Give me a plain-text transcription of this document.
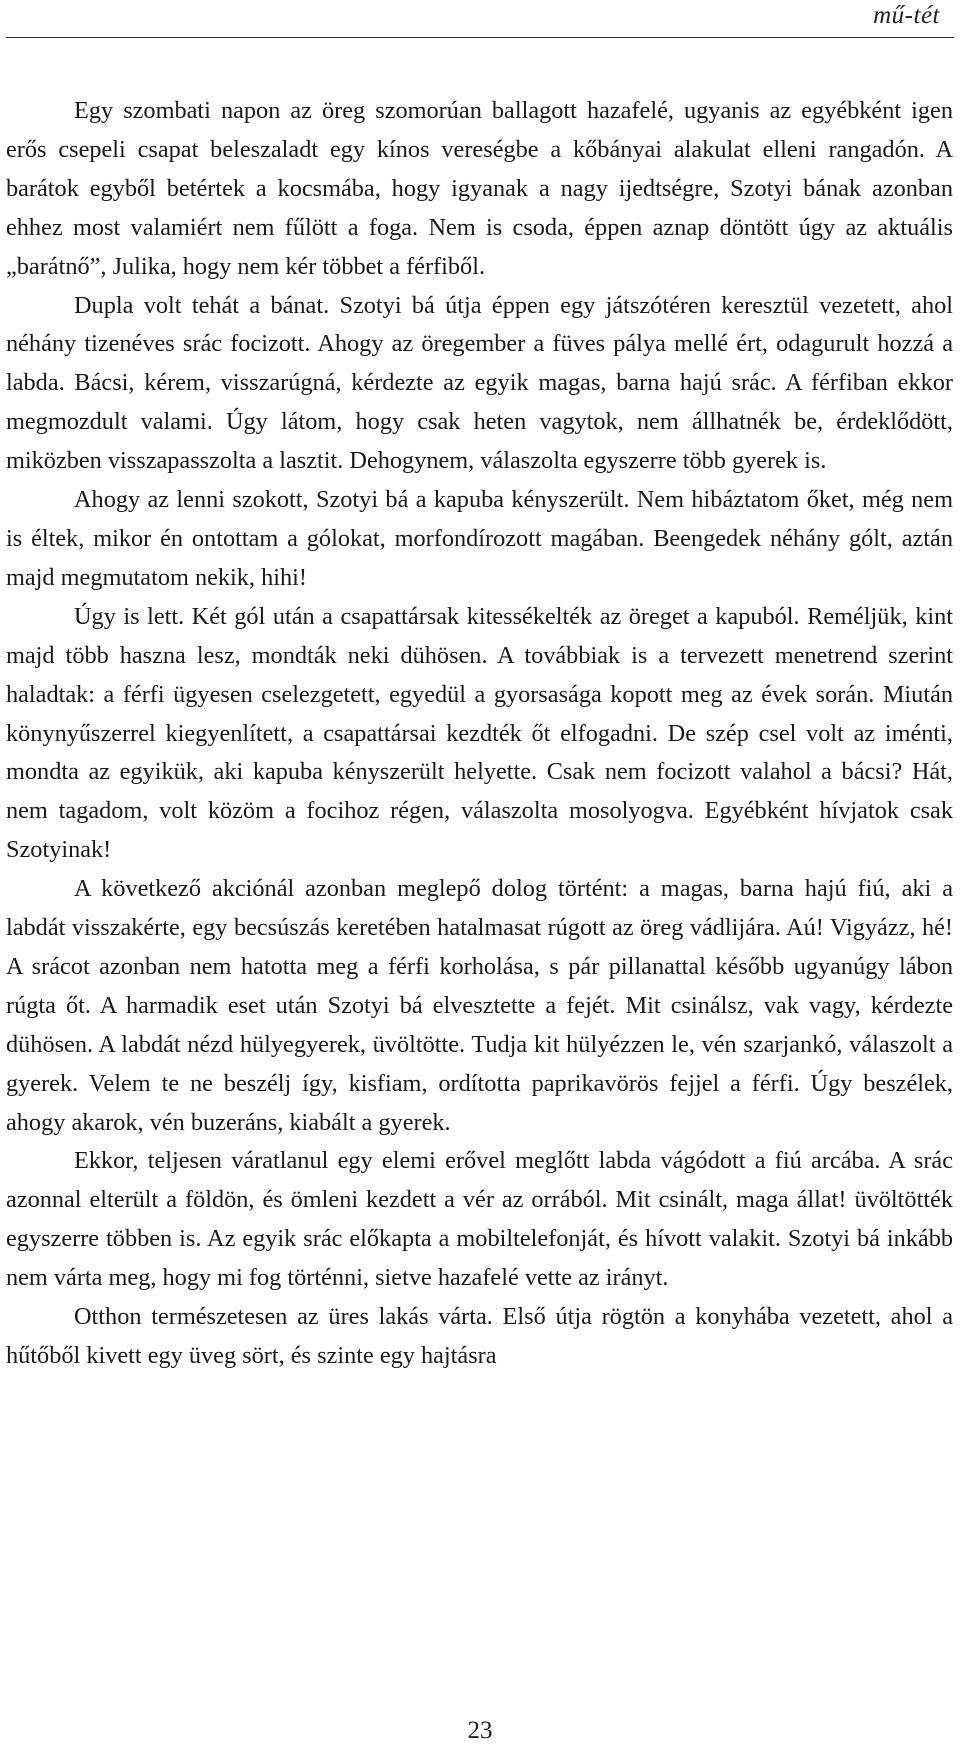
mű-tét

Egy szombati napon az öreg szomorúan ballagott hazafelé, ugyanis az egyébként igen erős csepeli csapat beleszaladt egy kínos vereségbe a kőbányai alakulat elleni rangadón. A barátok egyből betértek a kocsmába, hogy igyanak a nagy ijedtségre, Szotyi bának azonban ehhez most valamiért nem fűlött a foga. Nem is csoda, éppen aznap döntött úgy az aktuális „barátnő”, Julika, hogy nem kér többet a férfiből.

Dupla volt tehát a bánat. Szotyi bá útja éppen egy játszótéren keresztül vezetett, ahol néhány tizenéves srác focizott. Ahogy az öregember a füves pálya mellé ért, odagurult hozzá a labda. Bácsi, kérem, visszarúgná, kérdezte az egyik magas, barna hajú srác. A férfiban ekkor megmozdult valami. Úgy látom, hogy csak heten vagytok, nem állhatnék be, érdeklődött, miközben visszapasszolta a lasztit. Dehogynem, válaszolta egyszerre több gyerek is.

Ahogy az lenni szokott, Szotyi bá a kapuba kényszerült. Nem hibáztatom őket, még nem is éltek, mikor én ontottam a gólokat, morfondírozott magában. Beengedek néhány gólt, aztán majd megmutatom nekik, hihi!

Úgy is lett. Két gól után a csapattársak kitessékelték az öreget a kapuból. Reméljük, kint majd több haszna lesz, mondták neki dühösen. A továbbiak is a tervezett menetrend szerint haladtak: a férfi ügyesen cselezgetett, egyedül a gyorsasága kopott meg az évek során. Miután könynyűszerrel kiegyenlített, a csapattársai kezdték őt elfogadni. De szép csel volt az iménti, mondta az egyikük, aki kapuba kényszerült helyette. Csak nem focizott valahol a bácsi? Hát, nem tagadom, volt közöm a focihoz régen, válaszolta mosolyogva. Egyébként hívjatok csak Szotyinak!

A következő akciónál azonban meglepő dolog történt: a magas, barna hajú fiú, aki a labdát visszakérte, egy becsúszás keretében hatalmasat rúgott az öreg vádlijára. Aú! Vigyázz, hé! A srácot azonban nem hatotta meg a férfi korholása, s pár pillanattal később ugyanúgy lábon rúgta őt. A harmadik eset után Szotyi bá elvesztette a fejét. Mit csinálsz, vak vagy, kérdezte dühösen. A labdát nézd hülyegyerek, üvöltötte. Tudja kit hülyézzen le, vén szarjankó, válaszolt a gyerek. Velem te ne beszélj így, kisfiam, ordította paprikavörös fejjel a férfi. Úgy beszélek, ahogy akarok, vén buzeráns, kiabált a gyerek.

Ekkor, teljesen váratlanul egy elemi erővel meglőtt labda vágódott a fiú arcába. A srác azonnal elterült a földön, és ömleni kezdett a vér az orrából. Mit csinált, maga állat! üvöltötték egyszerre többen is. Az egyik srác előkapta a mobiltelefonját, és hívott valakit. Szotyi bá inkább nem várta meg, hogy mi fog történni, sietve hazafelé vette az irányt.

Otthon természetesen az üres lakás várta. Első útja rögtön a konyhába vezetett, ahol a hűtőből kivett egy üveg sört, és szinte egy hajtásra

23
